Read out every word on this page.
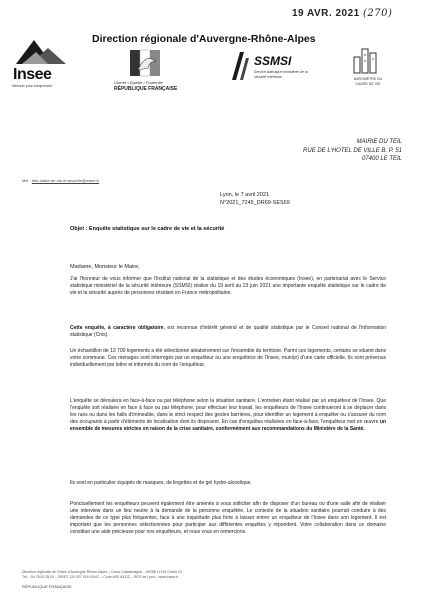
19 AVR. 2021 (270)
Direction régionale d'Auvergne-Rhône-Alpes
Insee
Mesurer pour comprendre
Liberté • Égalité • Fraternité
RÉPUBLIQUE FRANÇAISE
SSMSI
Service statistique ministériel de la sécurité intérieure
BAROMÈTRE DU CADRE DE VIE
MAIRIE DU TEIL
RUE DE L'HOTEL DE VILLE B. P. 51
07400 LE TEIL
Mél : info-cadre-de-vie-et-securite@insee.fr
Lyon, le 7 avril 2021
N°2021_7245_DR69-SES69
Objet : Enquête statistique sur le cadre de vie et la sécurité
Madame, Monsieur le Maire,
J'ai l'honneur de vous informer que l'Institut national de la statistique et des études économiques (Insee), en partenariat avec le Service statistique ministériel de la sécurité intérieure (SSMSI) réalise du 19 avril au 23 juin 2021 une importante enquête statistique sur le cadre de vie et la sécurité auprès de personnes résidant en France métropolitaine.
Cette enquête, à caractère obligatoire, est reconnue d'intérêt général et de qualité statistique par le Conseil national de l'information statistique (Cnis).
Un échantillon de 13 700 logements a été sélectionné aléatoirement sur l'ensemble du territoire. Parmi ces logements, certains se situent dans votre commune. Ces ménages sont interrogés par un enquêteur ou une enquêtrice de l'Insee, muni(e) d'une carte officielle. Ils sont prévenus individuellement par lettre et informés du nom de l'enquêteur.
L'enquête se déroulera en face-à-face ou par téléphone selon la situation sanitaire. L'entretien étant réalisé par un enquêteur de l'Insee. Que l'enquête soit réalisée en face à face ou par téléphone, pour effectuer leur travail, les enquêteurs de l'Insee continueront à se déplacer dans les rues ou dans les halls d'immeuble, dans le strict respect des gestes barrières, pour identifier un logement à enquêter ou s'assurer du nom des occupants à partir d'éléments de localisation dont ils disposent. En cas d'enquêtes réalisées en face-à-face, l'enquêteur met en œuvre un ensemble de mesures strictes en raison de la crise sanitaire, conformément aux recommandations du Ministère de la Santé.
Ils sont en particulier équipés de masques, de lingettes et de gel hydro-alcoolique.
Ponctuellement les enquêteurs peuvent également être amenés à vous solliciter afin de disposer d'un bureau ou d'une salle afin de réaliser une interview dans un lieu neutre à la demande de la personne enquêtée. Le contexte de la situation sanitaire pourrait conduire à des demandes de ce type plus fréquentes, face à une inquiétude plus forte à laisser entrer un enquêteur de l'Insee dans son logement. Il est important que les personnes sélectionnées pour participer aux différentes enquêtes y répondent. Votre collaboration dans ce domaine constitue une aide précieuse pour nos enquêteurs, et nous vous en remercions.
Direction régionale de l'Insee d'Auvergne-Rhône-Alpes – Cours Charlemagne – 69286 LYON Cedex 02
Tél. : 04 78 63 25 00 – SIRET 120 027 016 00167 – Code APE 8411Z – RCS de Lyon – www.insee.fr
RÉPUBLIQUE FRANÇAISE
